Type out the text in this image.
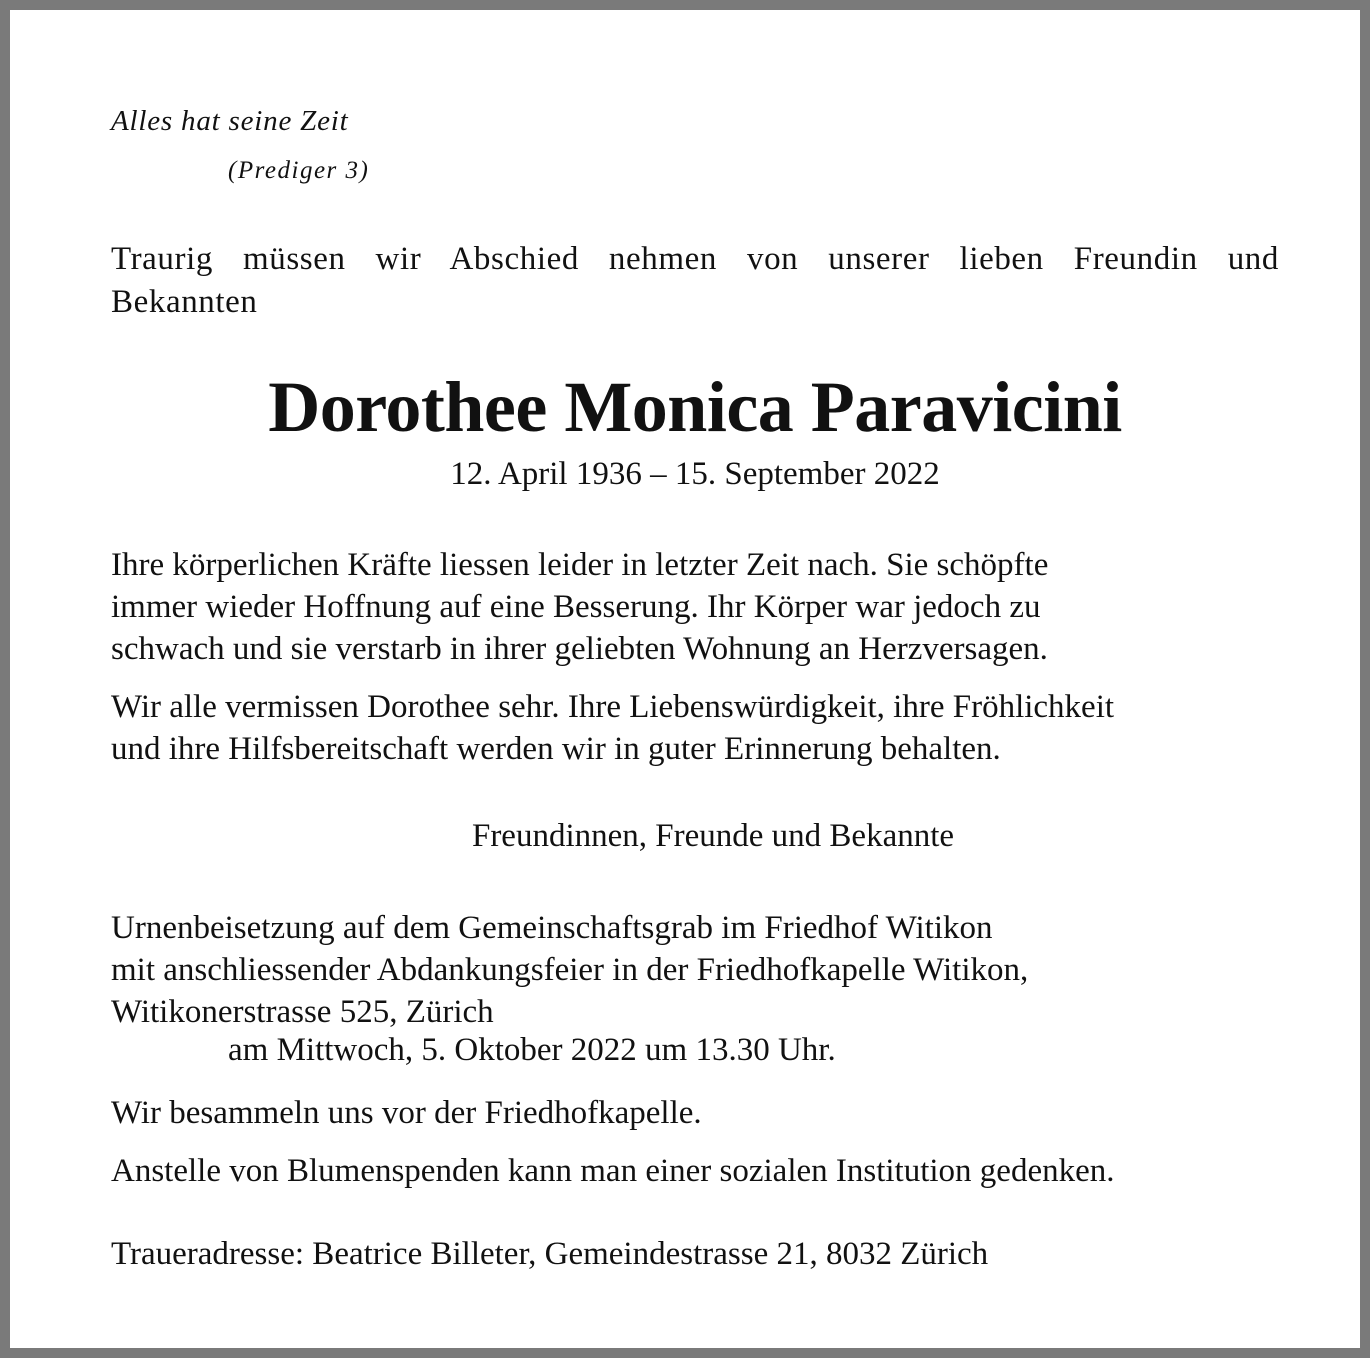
Alles hat seine Zeit

(Prediger 3)

Traurig müssen wir Abschied nehmen von unserer lieben Freundin und Bekannten

Dorothee Monica Paravicini

12. April 1936 – 15. September 2022

Ihre körperlichen Kräfte liessen leider in letzter Zeit nach. Sie schöpfte
immer wieder Hoffnung auf eine Besserung. Ihr Körper war jedoch zu
schwach und sie verstarb in ihrer geliebten Wohnung an Herzversagen.
Wir alle vermissen Dorothee sehr. Ihre Liebenswürdigkeit, ihre Fröhlichkeit
und ihre Hilfsbereitschaft werden wir in guter Erinnerung behalten.

Freundinnen, Freunde und Bekannte

Urnenbeisetzung auf dem Gemeinschaftsgrab im Friedhof Witikon
mit anschliessender Abdankungsfeier in der Friedhofkapelle Witikon,
Witikonerstrasse 525, Zürich

am Mittwoch, 5. Oktober 2022 um 13.30 Uhr.

Wir besammeln uns vor der Friedhofkapelle.

Anstelle von Blumenspenden kann man einer sozialen Institution gedenken.

Traueradresse: Beatrice Billeter, Gemeindestrasse 21, 8032 Zürich
